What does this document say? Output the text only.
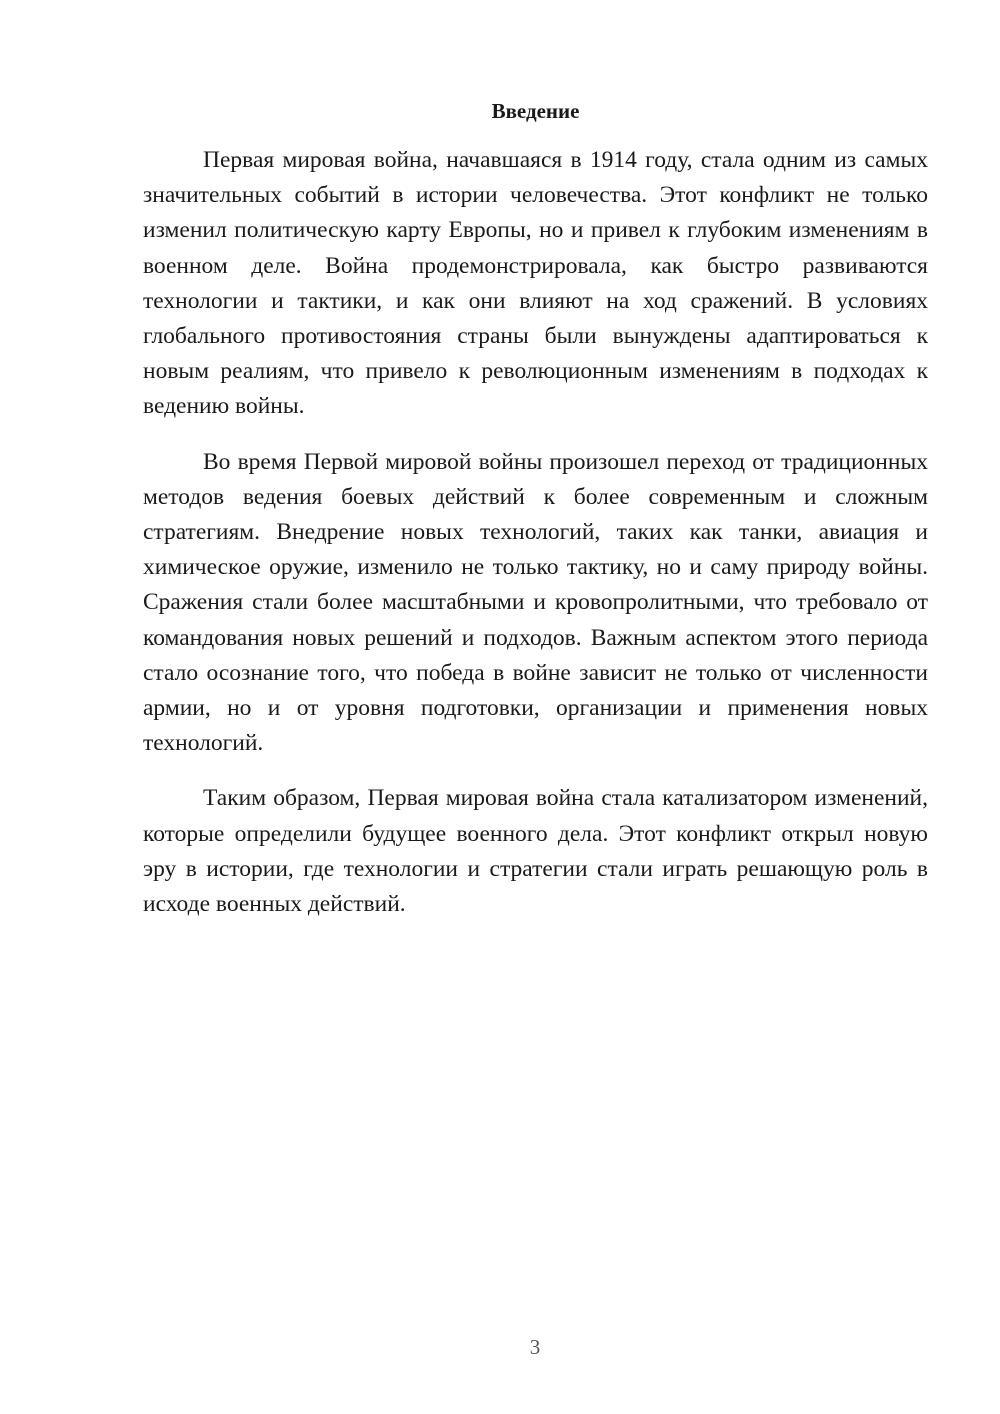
Введение

Первая мировая война, начавшаяся в 1914 году, стала одним из самых значительных событий в истории человечества. Этот конфликт не только изменил политическую карту Европы, но и привел к глубоким изменениям в военном деле. Война продемонстрировала, как быстро развиваются технологии и тактики, и как они влияют на ход сражений. В условиях глобального противостояния страны были вынуждены адаптироваться к новым реалиям, что привело к революционным изменениям в подходах к ведению войны.

Во время Первой мировой войны произошел переход от традиционных методов ведения боевых действий к более современным и сложным стратегиям. Внедрение новых технологий, таких как танки, авиация и химическое оружие, изменило не только тактику, но и саму природу войны. Сражения стали более масштабными и кровопролитными, что требовало от командования новых решений и подходов. Важным аспектом этого периода стало осознание того, что победа в войне зависит не только от численности армии, но и от уровня подготовки, организации и применения новых технологий.

Таким образом, Первая мировая война стала катализатором изменений, которые определили будущее военного дела. Этот конфликт открыл новую эру в истории, где технологии и стратегии стали играть решающую роль в исходе военных действий.

3
